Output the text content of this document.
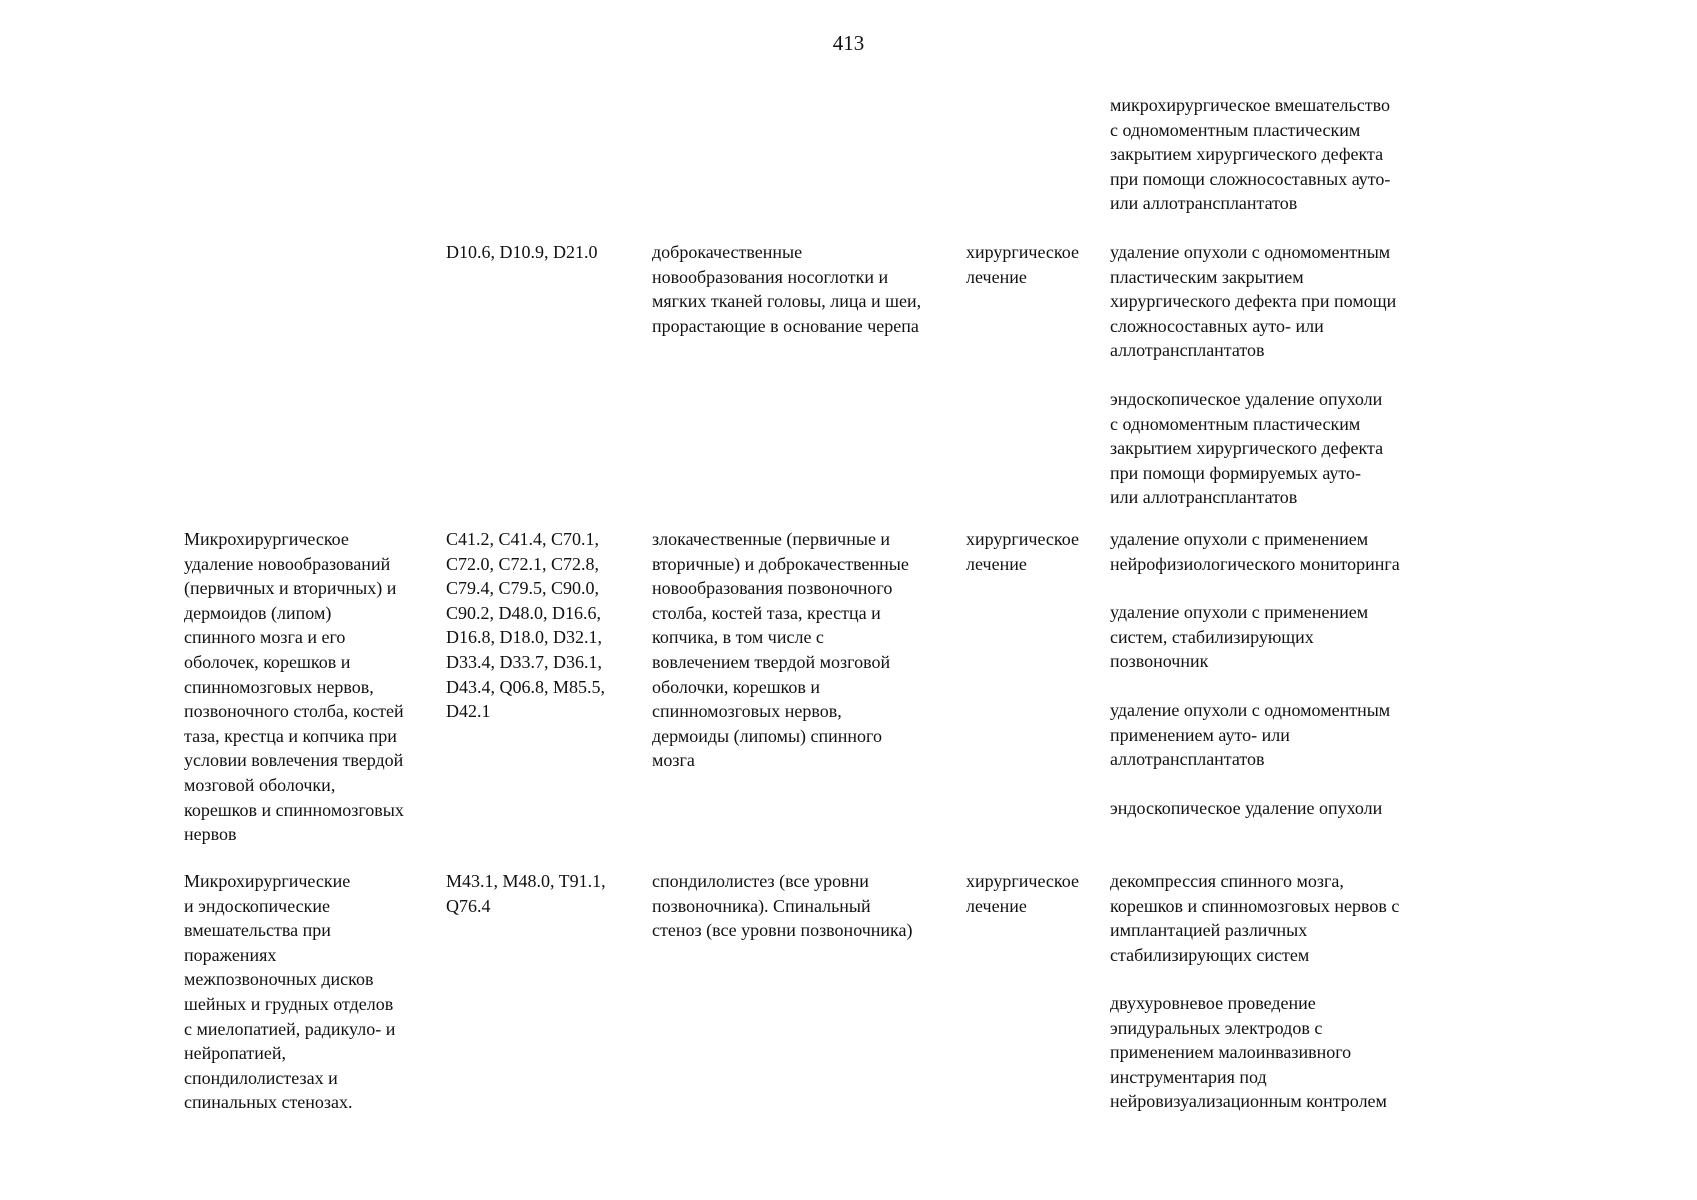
413
микрохирургическое вмешательство
с одномоментным пластическим
закрытием хирургического дефекта
при помощи сложносоставных ауто-
или аллотрансплантатов
D10.6, D10.9, D21.0	доброкачественные
новообразования носоглотки и
мягких тканей головы, лица и шеи,
прорастающие в основание черепа
хирургическое
лечение
удаление опухоли с одномоментным
пластическим закрытием
хирургического дефекта при помощи
сложносоставных ауто- или
аллотрансплантатов
эндоскопическое удаление опухоли
с одномоментным пластическим
закрытием хирургического дефекта
при помощи формируемых ауто-
или аллотрансплантатов
Микрохирургическое
удаление новообразований
(первичных и вторичных) и
дермоидов (липом)
спинного мозга и его
оболочек, корешков и
спинномозговых нервов,
позвоночного столба, костей
таза, крестца и копчика при
условии вовлечения твердой
мозговой оболочки,
корешков и спинномозговых
нервов
C41.2, C41.4, C70.1,
C72.0, C72.1, C72.8,
C79.4, C79.5, C90.0,
C90.2, D48.0, D16.6,
D16.8, D18.0, D32.1,
D33.4, D33.7, D36.1,
D43.4, Q06.8, M85.5,
D42.1
злокачественные (первичные и
вторичные) и доброкачественные
новообразования позвоночного
столба, костей таза, крестца и
копчика, в том числе с
вовлечением твердой мозговой
оболочки, корешков и
спинномозговых нервов,
дермоиды (липомы) спинного
мозга
хирургическое
лечение
удаление опухоли с применением
нейрофизиологического мониторинга
удаление опухоли с применением
систем, стабилизирующих
позвоночник
удаление опухоли с одномоментным
применением ауто- или
аллотрансплантатов
эндоскопическое удаление опухоли
Микрохирургические
и эндоскопические
вмешательства при
поражениях
межпозвоночных дисков
шейных и грудных отделов
с миелопатией, радикуло- и
нейропатией,
спондилолистезах и
спинальных стенозах.
M43.1, M48.0, T91.1,
Q76.4
спондилолистез (все уровни
позвоночника). Спинальный
стеноз (все уровни позвоночника)
хирургическое
лечение
декомпрессия спинного мозга,
корешков и спинномозговых нервов с
имплантацией различных
стабилизирующих систем
двухуровневое проведение
эпидуральных электродов с
применением малоинвазивного
инструментария под
нейровизуализационным контролем
